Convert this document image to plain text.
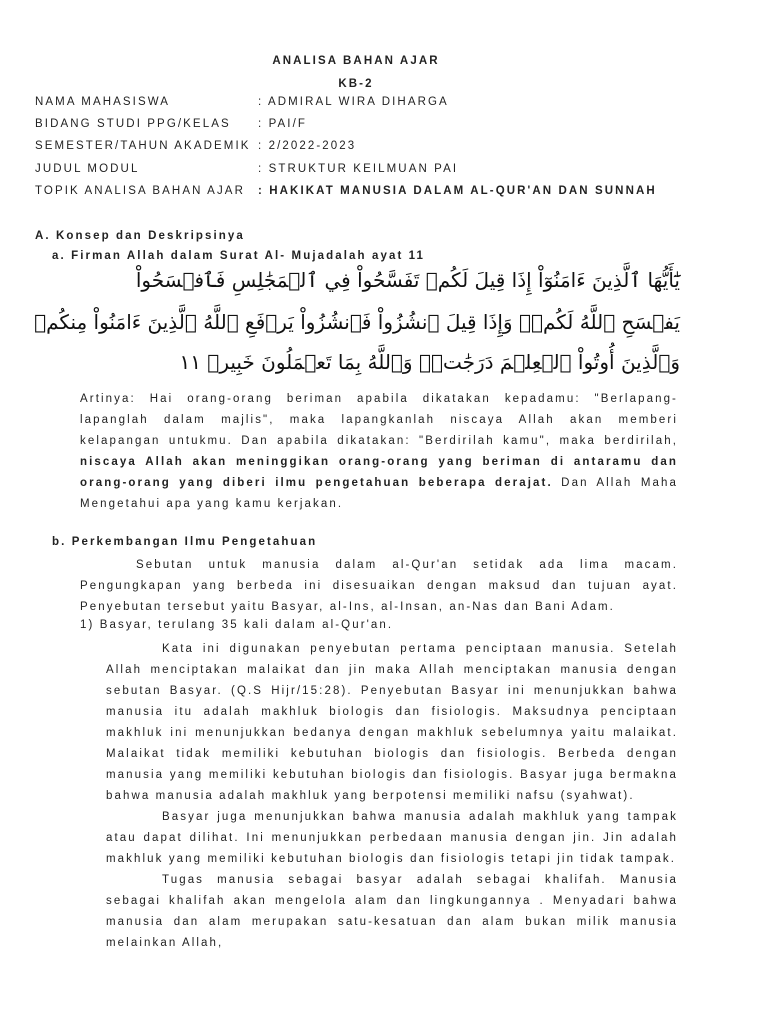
ANALISA BAHAN AJAR
KB-2
NAMA MAHASISWA	: ADMIRAL WIRA DIHARGA
BIDANG STUDI PPG/KELAS : PAI/F
SEMESTER/TAHUN AKADEMIK : 2/2022-2023
JUDUL MODUL	: STRUKTUR KEILMUAN PAI
TOPIK ANALISA BAHAN AJAR : HAKIKAT MANUSIA DALAM AL-QUR'AN DAN SUNNAH
A. Konsep dan Deskripsinya
a. Firman Allah dalam Surat Al- Mujadalah ayat 11
يَٰٓأَيُّهَا ٱلَّذِينَ ءَامَنُوٓاْ إِذَا قِيلَ لَكُمۡ تَفَسَّحُواْ فِي ٱلۡمَجَٰلِسِ فَٱفۡسَحُواْ
يَفۡسَحِ ٱللَّهُ لَكُمۡۖ وَإِذَا قِيلَ ٱنشُزُواْ فَٱنشُزُواْ يَرۡفَعِ ٱللَّهُ ٱلَّذِينَ ءَامَنُواْ مِنكُمۡ
وَٱلَّذِينَ أُوتُواْ ٱلۡعِلۡمَ دَرَجَٰتٖۚ وَٱللَّهُ بِمَا تَعۡمَلُونَ خَبِيرٞ ١١
Artinya: Hai orang-orang beriman apabila dikatakan kepadamu: "Berlapang-lapanglah dalam majlis", maka lapangkanlah niscaya Allah akan memberi kelapangan untukmu. Dan apabila dikatakan: "Berdirilah kamu", maka berdirilah, niscaya Allah akan meninggikan orang-orang yang beriman di antaramu dan orang-orang yang diberi ilmu pengetahuan beberapa derajat. Dan Allah Maha Mengetahui apa yang kamu kerjakan.
b. Perkembangan Ilmu Pengetahuan
Sebutan untuk manusia dalam al-Qur'an setidak ada lima macam. Pengungkapan yang berbeda ini disesuaikan dengan maksud dan tujuan ayat. Penyebutan tersebut yaitu Basyar, al-Ins, al-Insan, an-Nas dan Bani Adam.
1) Basyar, terulang 35 kali dalam al-Qur'an.
Kata ini digunakan penyebutan pertama penciptaan manusia. Setelah Allah menciptakan malaikat dan jin maka Allah menciptakan manusia dengan sebutan Basyar. (Q.S Hijr/15:28). Penyebutan Basyar ini menunjukkan bahwa manusia itu adalah makhluk biologis dan fisiologis. Maksudnya penciptaan makhluk ini menunjukkan bedanya dengan makhluk sebelumnya yaitu malaikat. Malaikat tidak memiliki kebutuhan biologis dan fisiologis. Berbeda dengan manusia yang memiliki kebutuhan biologis dan fisiologis. Basyar juga bermakna bahwa manusia adalah makhluk yang berpotensi memiliki nafsu (syahwat).
Basyar juga menunjukkan bahwa manusia adalah makhluk yang tampak atau dapat dilihat. Ini menunjukkan perbedaan manusia dengan jin. Jin adalah makhluk yang memiliki kebutuhan biologis dan fisiologis tetapi jin tidak tampak.
Tugas manusia sebagai basyar adalah sebagai khalifah. Manusia sebagai khalifah akan mengelola alam dan lingkungannya . Menyadari bahwa manusia dan alam merupakan satu-kesatuan dan alam bukan milik manusia melainkan Allah,
